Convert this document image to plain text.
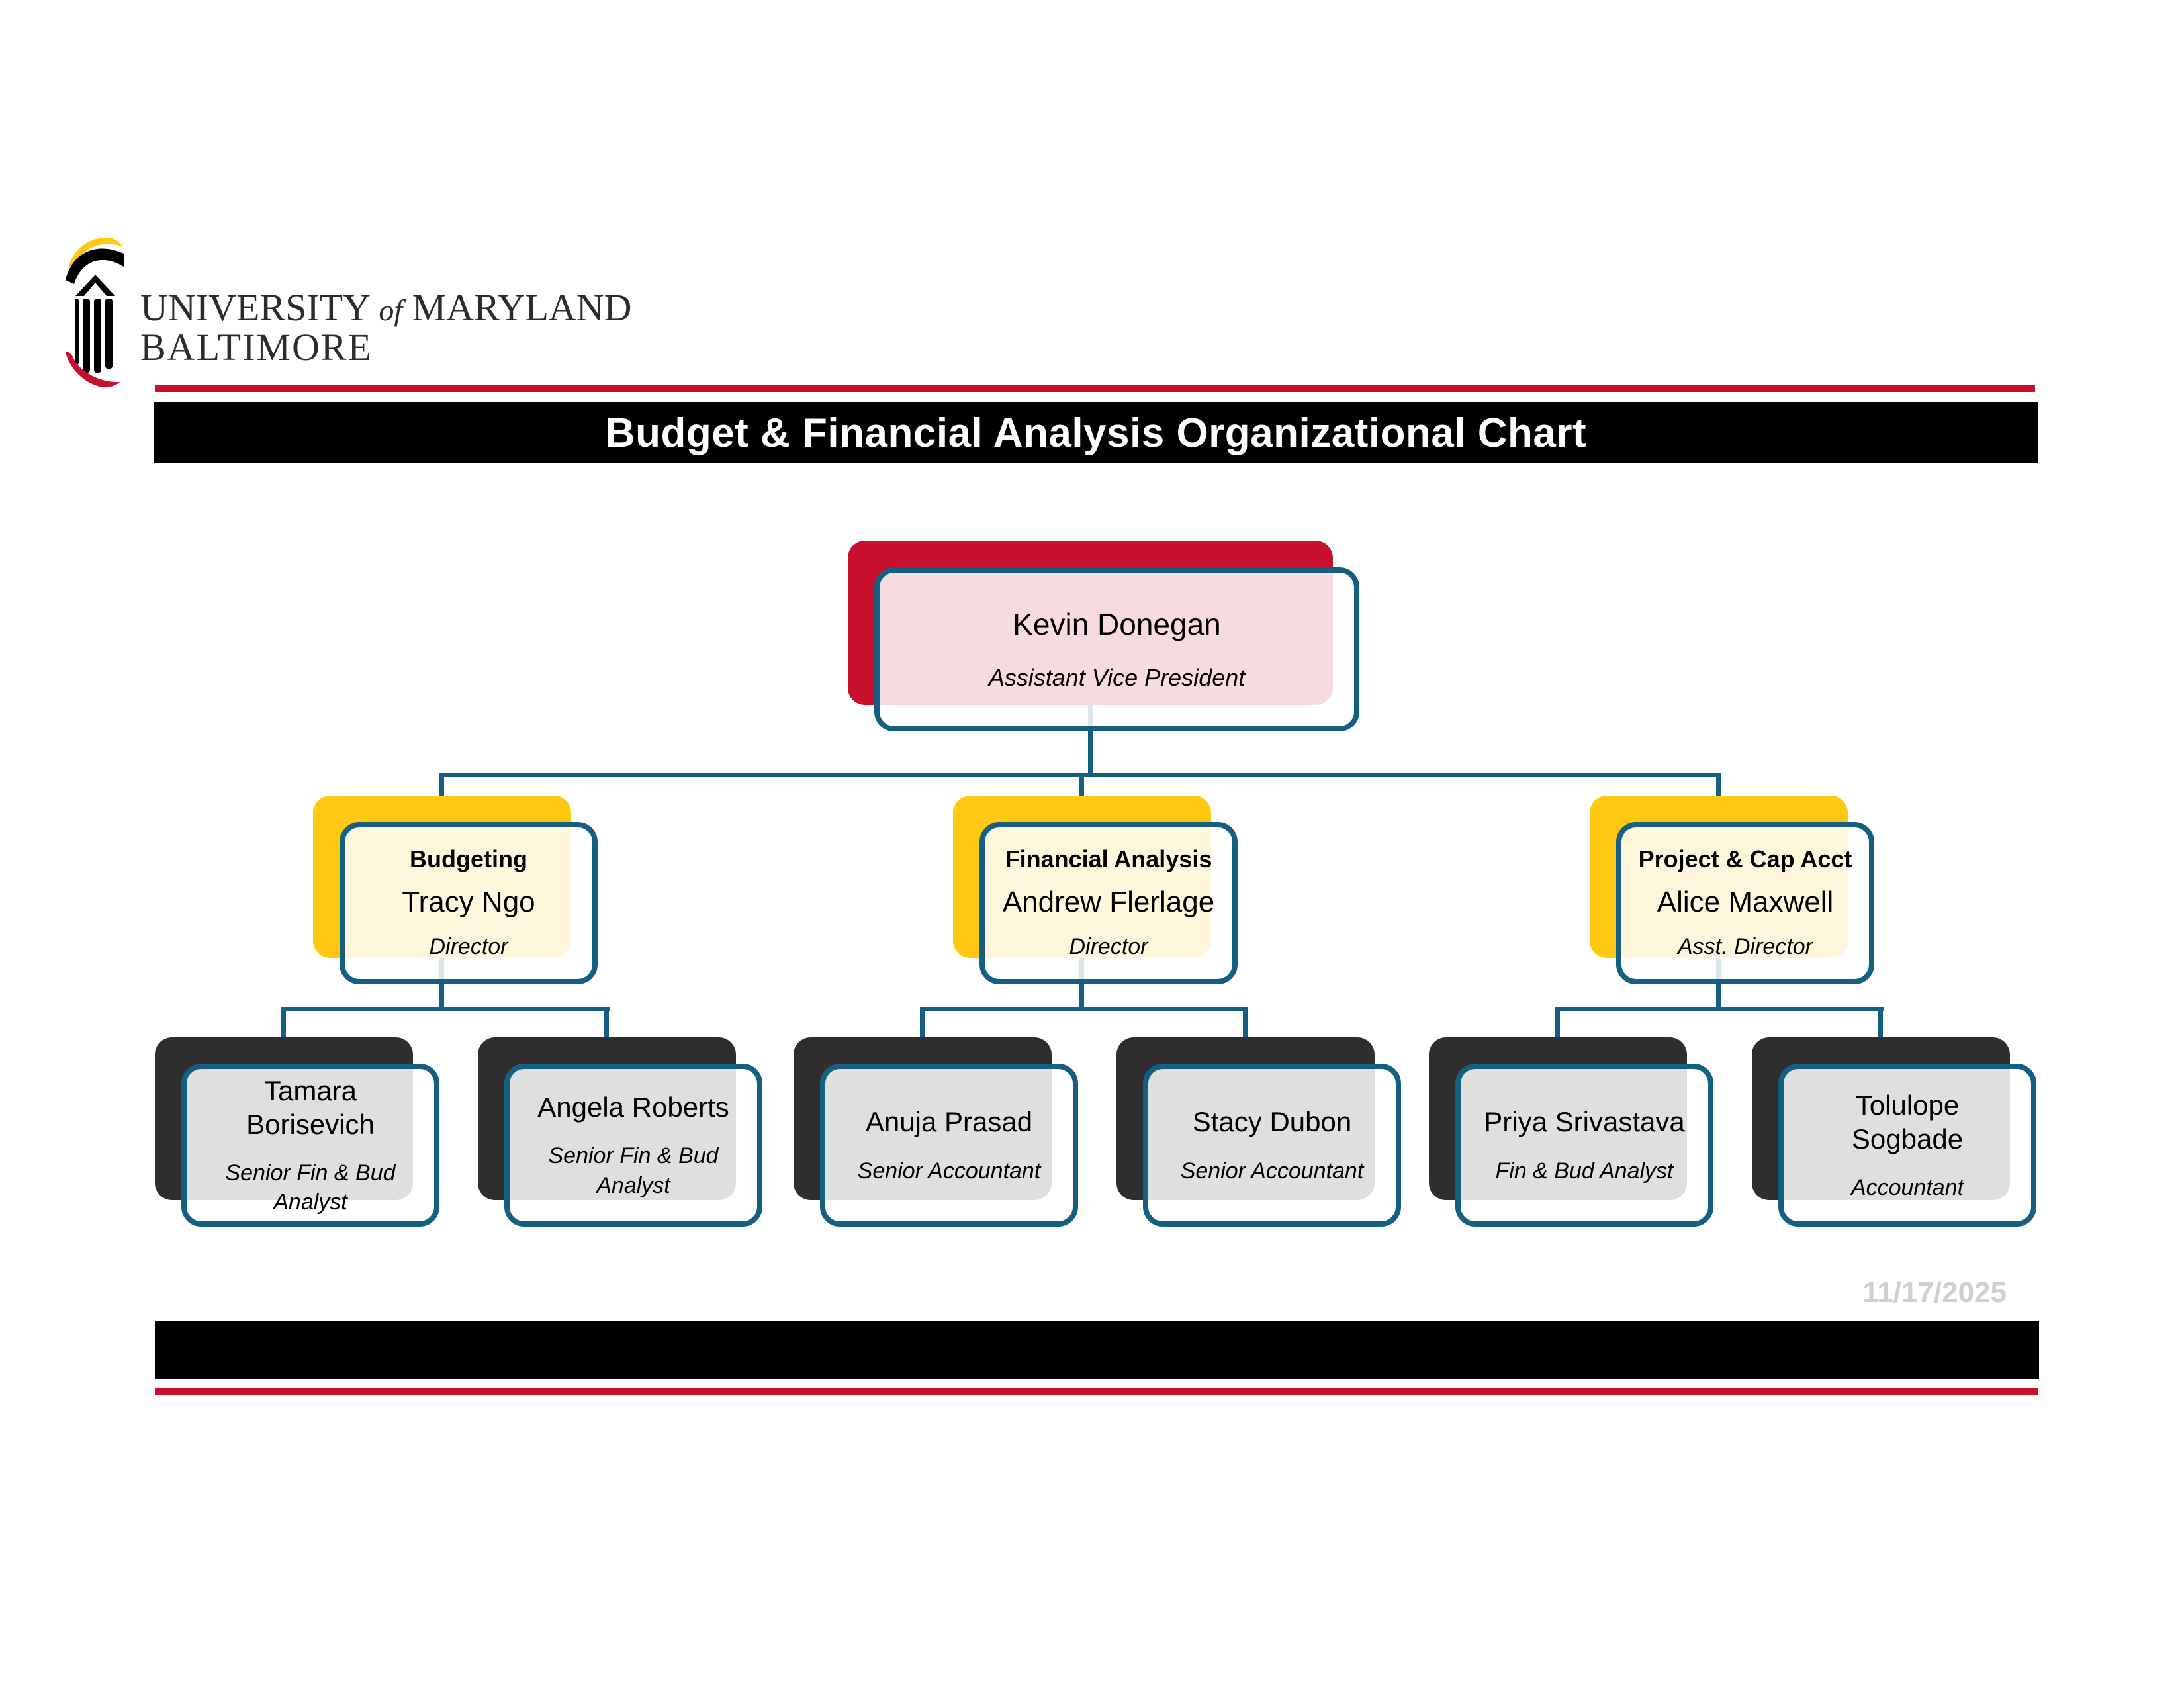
UNIVERSITY of MARYLAND
BALTIMORE
Budget & Financial Analysis Organizational Chart
Kevin Donegan
Assistant Vice President
Budgeting
Tracy Ngo
Director
Financial Analysis
Andrew Flerlage
Director
Project & Cap Acct
Alice Maxwell
Asst. Director
Tamara Borisevich
Senior Fin & Bud Analyst
Angela Roberts
Senior Fin & Bud Analyst
Anuja Prasad
Senior Accountant
Stacy Dubon
Senior Accountant
Priya Srivastava
Fin & Bud Analyst
Tolulope Sogbade
Accountant
11/17/2025
